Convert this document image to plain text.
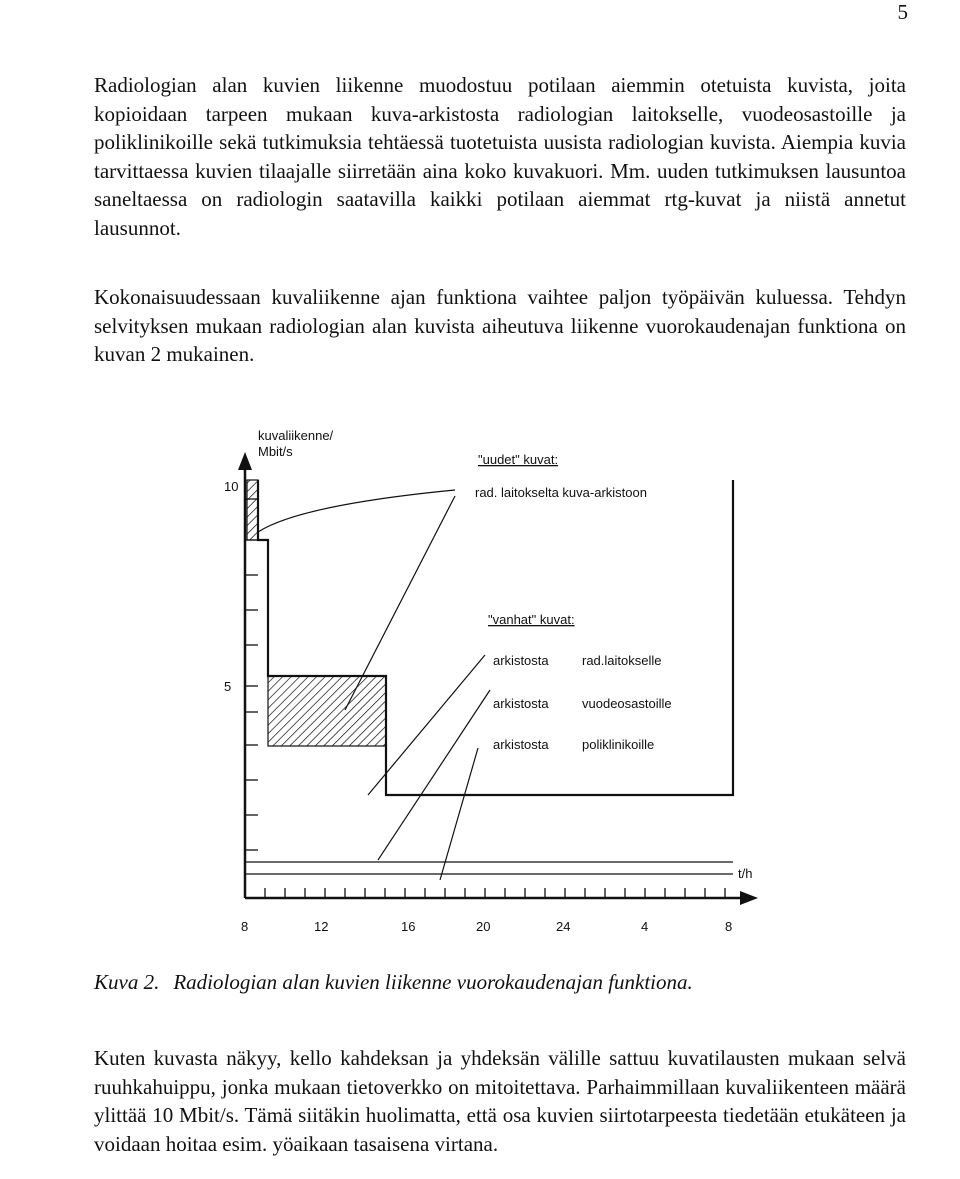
5

Radiologian alan kuvien liikenne muodostuu potilaan aiemmin otetuista kuvista, joita kopioidaan tarpeen mukaan kuva-arkistosta radiologian laitokselle, vuodeosastoille ja poliklinikoille sekä tutkimuksia tehtäessä tuotetuista uusista radiologian kuvista. Aiempia kuvia tarvittaessa kuvien tilaajalle siirretään aina koko kuvakuori. Mm. uuden tutkimuksen lausuntoa saneltaessa on radiologin saatavilla kaikki potilaan aiemmat rtg-kuvat ja niistä annetut lausunnot.

Kokonaisuudessaan kuvaliikenne ajan funktiona vaihtee paljon työpäivän kuluessa. Tehdyn selvityksen mukaan radiologian alan kuvista aiheutuva liikenne vuorokaudenajan funktiona on kuvan 2 mukainen.

kuvaliikenne/
Mbit/s
t/h
10
5
8	12	16	20	24	4	8
"uudet" kuvat:
rad. laitokselta kuva-arkistoon
"vanhat" kuvat:
arkistosta	rad.laitokselle
arkistosta	vuodeosastoille
arkistosta	poliklinikoille
Kuva 2. Radiologian alan kuvien liikenne vuorokaudenajan funktiona.

Kuten kuvasta näkyy, kello kahdeksan ja yhdeksän välille sattuu kuvatilausten mukaan selvä ruuhkahuippu, jonka mukaan tietoverkko on mitoitettava. Parhaimmillaan kuvaliikenteen määrä ylittää 10 Mbit/s. Tämä siitäkin huolimatta, että osa kuvien siirtotarpeesta tiedetään etukäteen ja voidaan hoitaa esim. yöaikaan tasaisena virtana.
